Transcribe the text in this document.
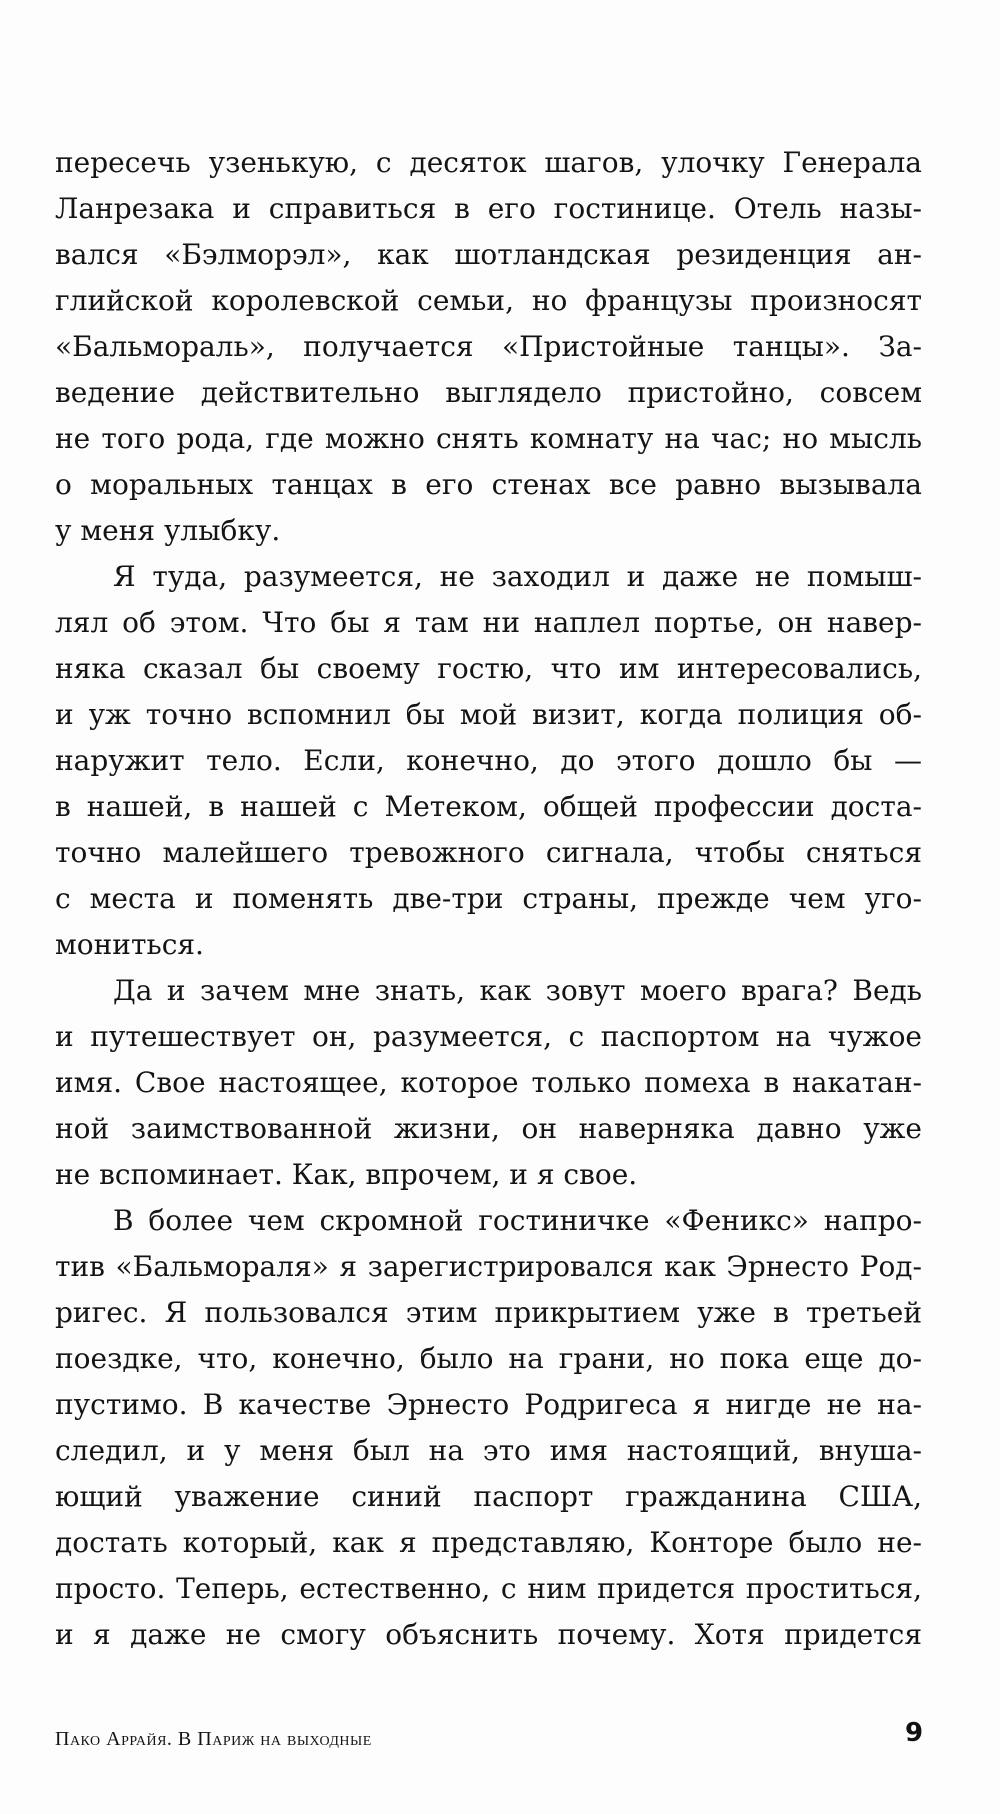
пересечь узенькую, с десяток шагов, улочку Генерала
Ланрезака и справиться в его гостинице. Отель назы-
вался «Бэлморэл», как шотландская резиденция ан-
глийской королевской семьи, но французы произносят
«Бальмораль», получается «Пристойные танцы». За-
ведение действительно выглядело пристойно, совсем
не того рода, где можно снять комнату на час; но мысль
о моральных танцах в его стенах все равно вызывала
у меня улыбку.
Я туда, разумеется, не заходил и даже не помыш-
лял об этом. Что бы я там ни наплел портье, он навер-
няка сказал бы своему гостю, что им интересовались,
и уж точно вспомнил бы мой визит, когда полиция об-
наружит тело. Если, конечно, до этого дошло бы —
в нашей, в нашей с Метеком, общей профессии доста-
точно малейшего тревожного сигнала, чтобы сняться
с места и поменять две-три страны, прежде чем уго-
мониться.
Да и зачем мне знать, как зовут моего врага? Ведь
и путешествует он, разумеется, с паспортом на чужое
имя. Свое настоящее, которое только помеха в накатан-
ной заимствованной жизни, он наверняка давно уже
не вспоминает. Как, впрочем, и я свое.
В более чем скромной гостиничке «Феникс» напро-
тив «Бальмораля» я зарегистрировался как Эрнесто Род-
ригес. Я пользовался этим прикрытием уже в третьей
поездке, что, конечно, было на грани, но пока еще до-
пустимо. В качестве Эрнесто Родригеса я нигде не на-
следил, и у меня был на это имя настоящий, внуша-
ющий уважение синий паспорт гражданина США,
достать который, как я представляю, Конторе было не-
просто. Теперь, естественно, с ним придется проститься,
и я даже не смогу объяснить почему. Хотя придется
Пако Аррайя. В Париж на выходные	9
